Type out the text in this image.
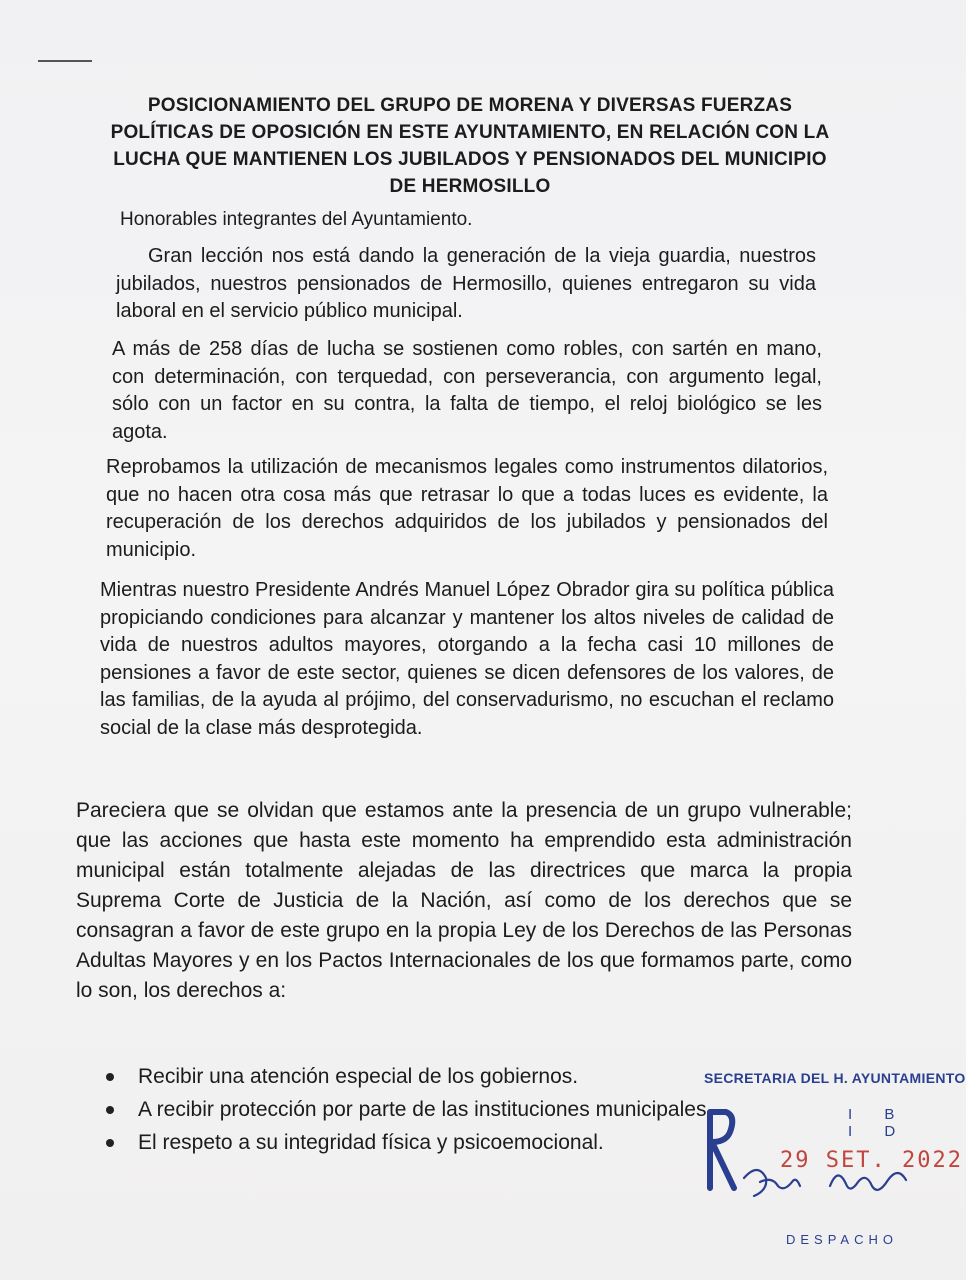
POSICIONAMIENTO DEL GRUPO DE MORENA Y DIVERSAS FUERZAS POLÍTICAS DE OPOSICIÓN EN ESTE AYUNTAMIENTO, EN RELACIÓN CON LA LUCHA QUE MANTIENEN LOS JUBILADOS Y PENSIONADOS DEL MUNICIPIO DE HERMOSILLO
Honorables integrantes del Ayuntamiento.
Gran lección nos está dando la generación de la vieja guardia, nuestros jubilados, nuestros pensionados de Hermosillo, quienes entregaron su vida laboral en el servicio público municipal.
A más de 258 días de lucha se sostienen como robles, con sartén en mano, con determinación, con terquedad, con perseverancia, con argumento legal, sólo con un factor en su contra, la falta de tiempo, el reloj biológico se les agota.
Reprobamos la utilización de mecanismos legales como instrumentos dilatorios, que no hacen otra cosa más que retrasar lo que a todas luces es evidente, la recuperación de los derechos adquiridos de los jubilados y pensionados del municipio.
Mientras nuestro Presidente Andrés Manuel López Obrador gira su política pública propiciando condiciones para alcanzar y mantener los altos niveles de calidad de vida de nuestros adultos mayores, otorgando a la fecha casi 10 millones de pensiones a favor de este sector, quienes se dicen defensores de los valores, de las familias, de la ayuda al prójimo, del conservadurismo, no escuchan el reclamo social de la clase más desprotegida.
Pareciera que se olvidan que estamos ante la presencia de un grupo vulnerable; que las acciones que hasta este momento ha emprendido esta administración municipal están totalmente alejadas de las directrices que marca la propia Suprema Corte de Justicia de la Nación, así como de los derechos que se consagran a favor de este grupo en la propia Ley de los Derechos de las Personas Adultas Mayores y en los Pactos Internacionales de los que formamos parte, como lo son, los derechos a:
Recibir una atención especial de los gobiernos.
A recibir protección por parte de las instituciones municipales.
El respeto a su integridad física y psicoemocional.
SECRETARIA DEL H. AYUNTAMIENTO
I B I D
29 SET. 2022
DESPACHO
